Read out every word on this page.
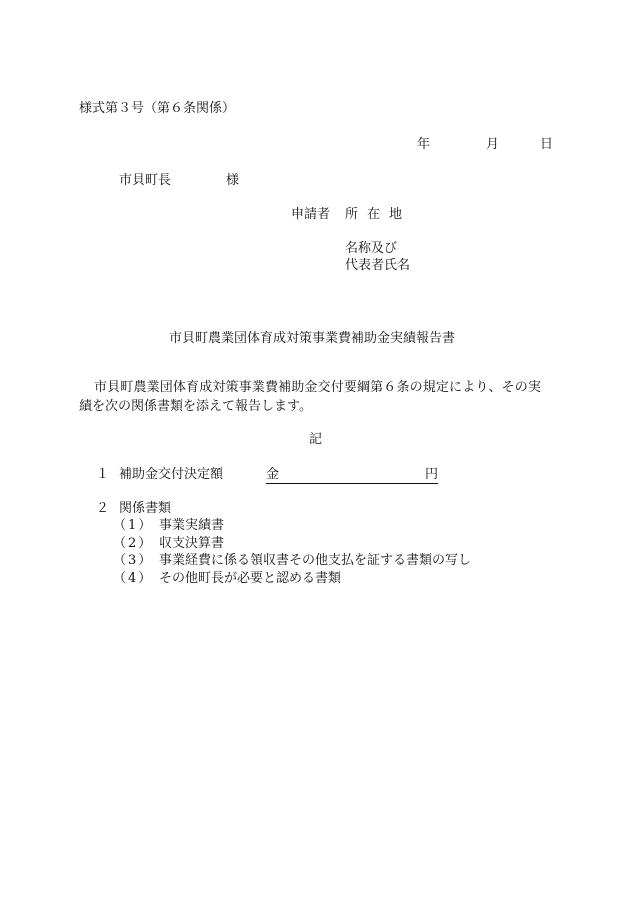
様式第３号（第６条関係）
年	月	日
市貝町長	様
申請者 所在地
名称及び
代表者氏名
市貝町農業団体育成対策事業費補助金実績報告書
市貝町農業団体育成対策事業費補助金交付要綱第６条の規定により、その実
績を次の関係書類を添えて報告します。
記
１ 補助金交付決定額	金	円
２ 関係書類
（1） 事業実績書
（2） 収支決算書
（3） 事業経費に係る領収書その他支払を証する書類の写し
（4） その他町長が必要と認める書類
